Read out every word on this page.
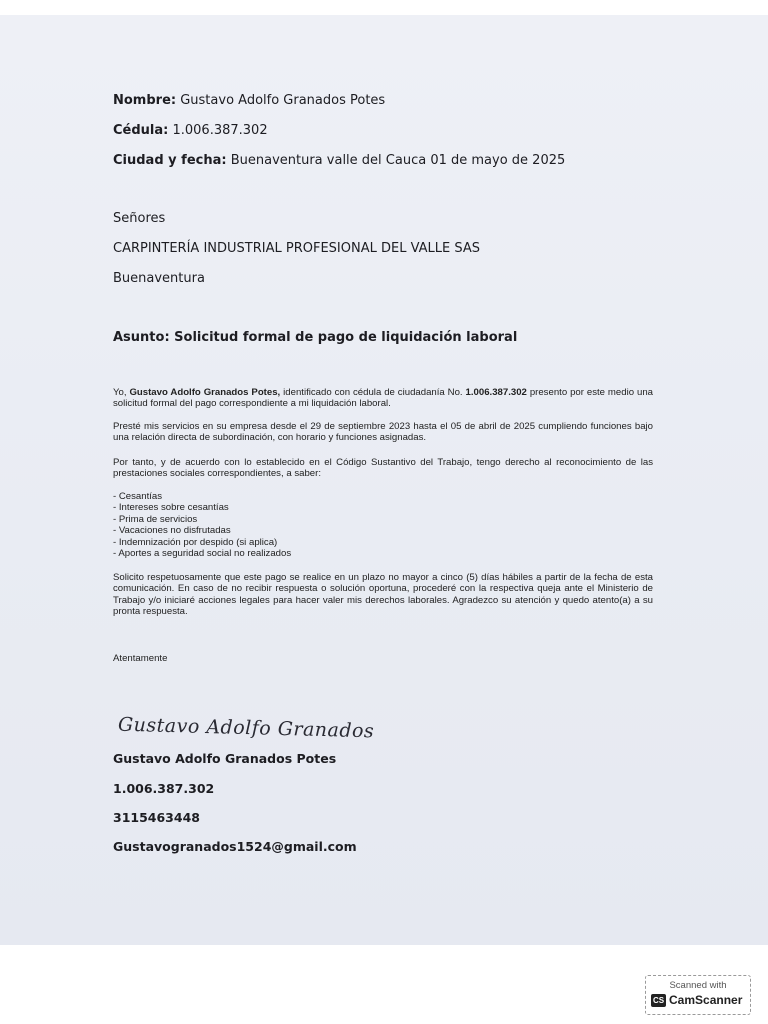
Nombre: Gustavo Adolfo Granados Potes
Cédula: 1.006.387.302
Ciudad y fecha: Buenaventura valle del Cauca 01 de mayo de 2025
Señores
CARPINTERÍA INDUSTRIAL PROFESIONAL DEL VALLE SAS
Buenaventura
Asunto: Solicitud formal de pago de liquidación laboral
Yo, Gustavo Adolfo Granados Potes, identificado con cédula de ciudadanía No. 1.006.387.302 presento por este medio una solicitud formal del pago correspondiente a mi liquidación laboral.
Presté mis servicios en su empresa desde el 29 de septiembre 2023 hasta el 05 de abril de 2025 cumpliendo funciones bajo una relación directa de subordinación, con horario y funciones asignadas.
Por tanto, y de acuerdo con lo establecido en el Código Sustantivo del Trabajo, tengo derecho al reconocimiento de las prestaciones sociales correspondientes, a saber:
- Cesantías
- Intereses sobre cesantías
- Prima de servicios
- Vacaciones no disfrutadas
- Indemnización por despido (si aplica)
- Aportes a seguridad social no realizados
Solicito respetuosamente que este pago se realice en un plazo no mayor a cinco (5) días hábiles a partir de la fecha de esta comunicación. En caso de no recibir respuesta o solución oportuna, procederé con la respectiva queja ante el Ministerio de Trabajo y/o iniciaré acciones legales para hacer valer mis derechos laborales. Agradezco su atención y quedo atento(a) a su pronta respuesta.
Atentamente
Gustavo Adolfo Granados
Gustavo Adolfo Granados Potes
1.006.387.302
3115463448
Gustavogranados1524@gmail.com
Scanned with
CS CamScanner
